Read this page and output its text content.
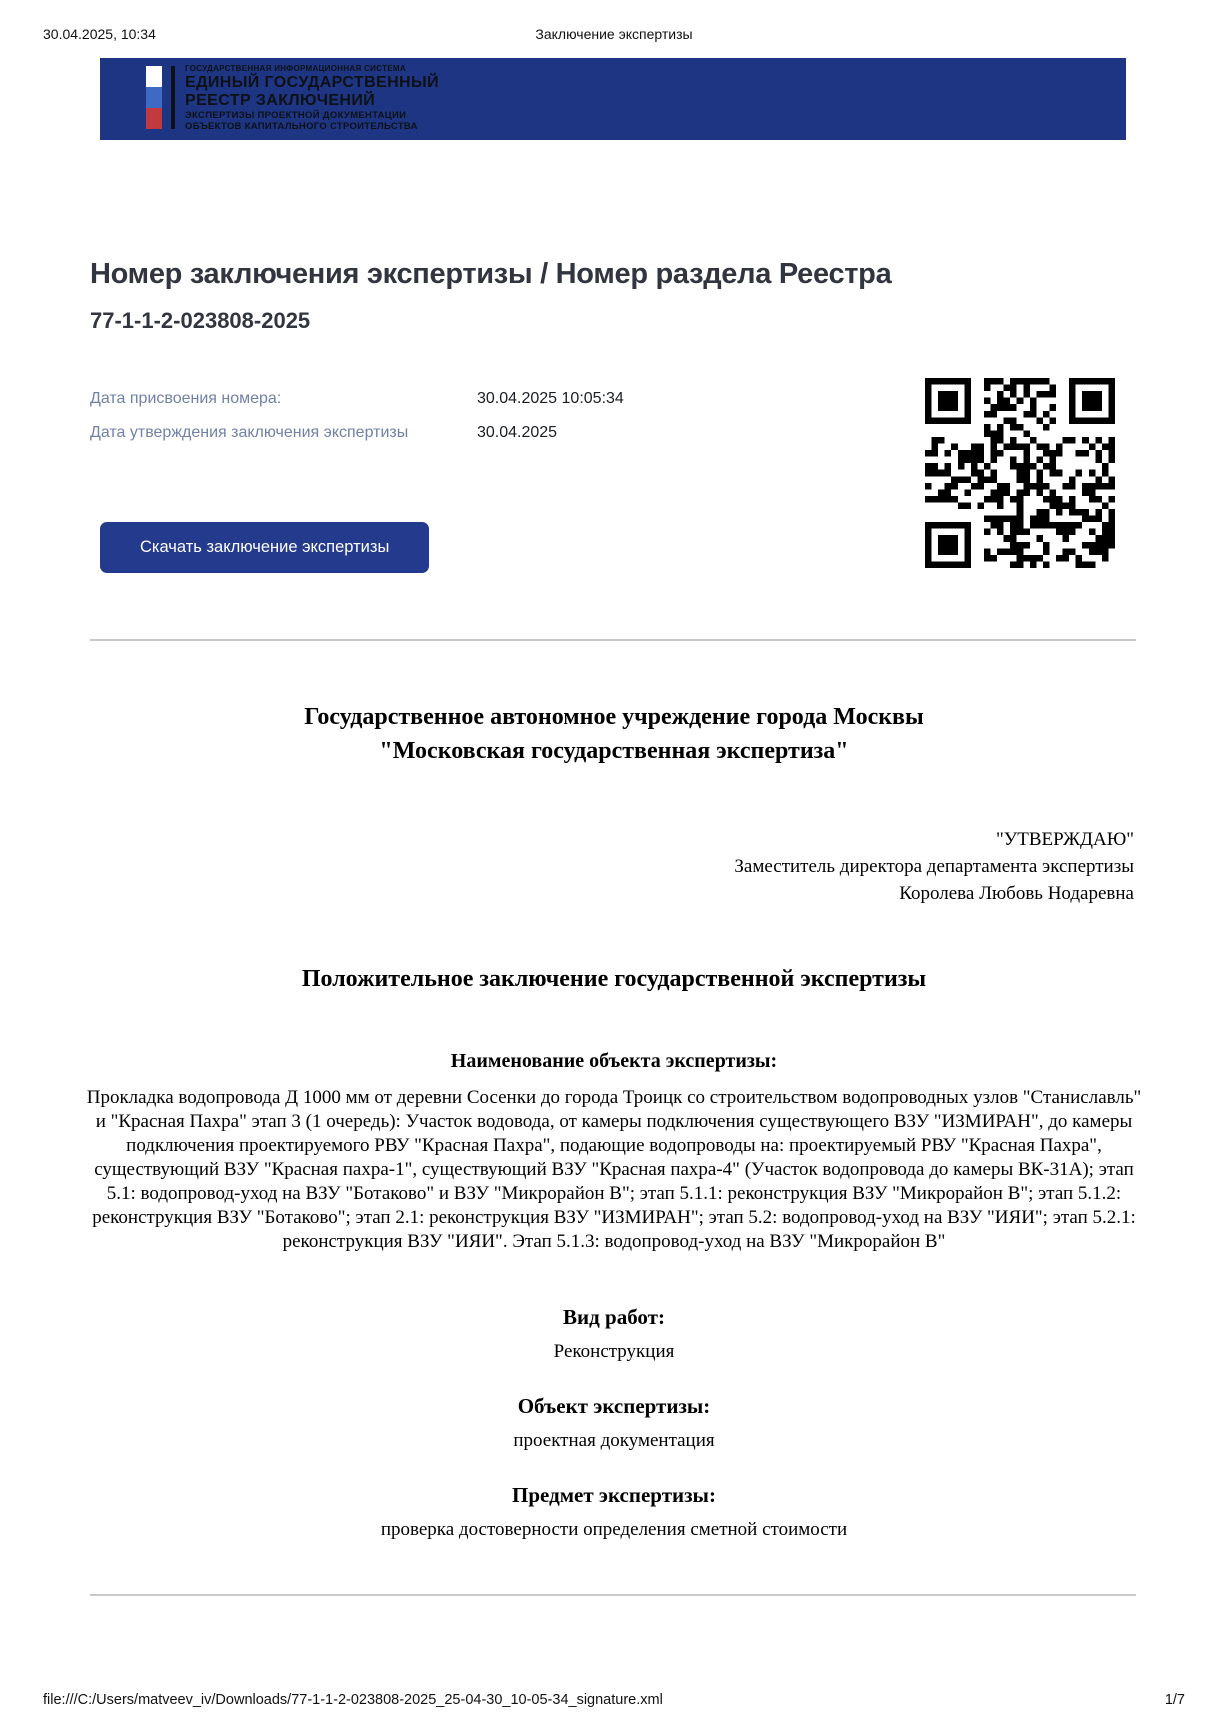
30.04.2025, 10:34	Заключение экспертизы
ГОСУДАРСТВЕННАЯ ИНФОРМАЦИОННАЯ СИСТЕМА
ЕДИНЫЙ ГОСУДАРСТВЕННЫЙ
РЕЕСТР ЗАКЛЮЧЕНИЙ
ЭКСПЕРТИЗЫ ПРОЕКТНОЙ ДОКУМЕНТАЦИИ
ОБЪЕКТОВ КАПИТАЛЬНОГО СТРОИТЕЛЬСТВА
Номер заключения экспертизы / Номер раздела Реестра
77-1-1-2-023808-2025
Дата присвоения номера:	30.04.2025 10:05:34
Дата утверждения заключения экспертизы	30.04.2025
Скачать заключение экспертизы
Государственное автономное учреждение города Москвы
"Московская государственная экспертиза"
"УТВЕРЖДАЮ"
Заместитель директора департамента экспертизы
Королева Любовь Нодаревна
Положительное заключение государственной экспертизы
Наименование объекта экспертизы:
Прокладка водопровода Д 1000 мм от деревни Сосенки до города Троицк со строительством водопроводных узлов "Станиславль" и "Красная Пахра" этап 3 (1 очередь): Участок водовода, от камеры подключения существующего ВЗУ "ИЗМИРАН", до камеры подключения проектируемого РВУ "Красная Пахра", подающие водопроводы на: проектируемый РВУ "Красная Пахра", существующий ВЗУ "Красная пахра-1", существующий ВЗУ "Красная пахра-4" (Участок водопровода до камеры ВК-31А); этап 5.1: водопровод-уход на ВЗУ "Ботаково" и ВЗУ "Микрорайон В"; этап 5.1.1: реконструкция ВЗУ "Микрорайон В"; этап 5.1.2: реконструкция ВЗУ "Ботаково"; этап 2.1: реконструкция ВЗУ "ИЗМИРАН"; этап 5.2: водопровод-уход на ВЗУ "ИЯИ"; этап 5.2.1: реконструкция ВЗУ "ИЯИ". Этап 5.1.3: водопровод-уход на ВЗУ "Микрорайон В"
Вид работ:
Реконструкция
Объект экспертизы:
проектная документация
Предмет экспертизы:
проверка достоверности определения сметной стоимости
file:///C:/Users/matveev_iv/Downloads/77-1-1-2-023808-2025_25-04-30_10-05-34_signature.xml	1/7
